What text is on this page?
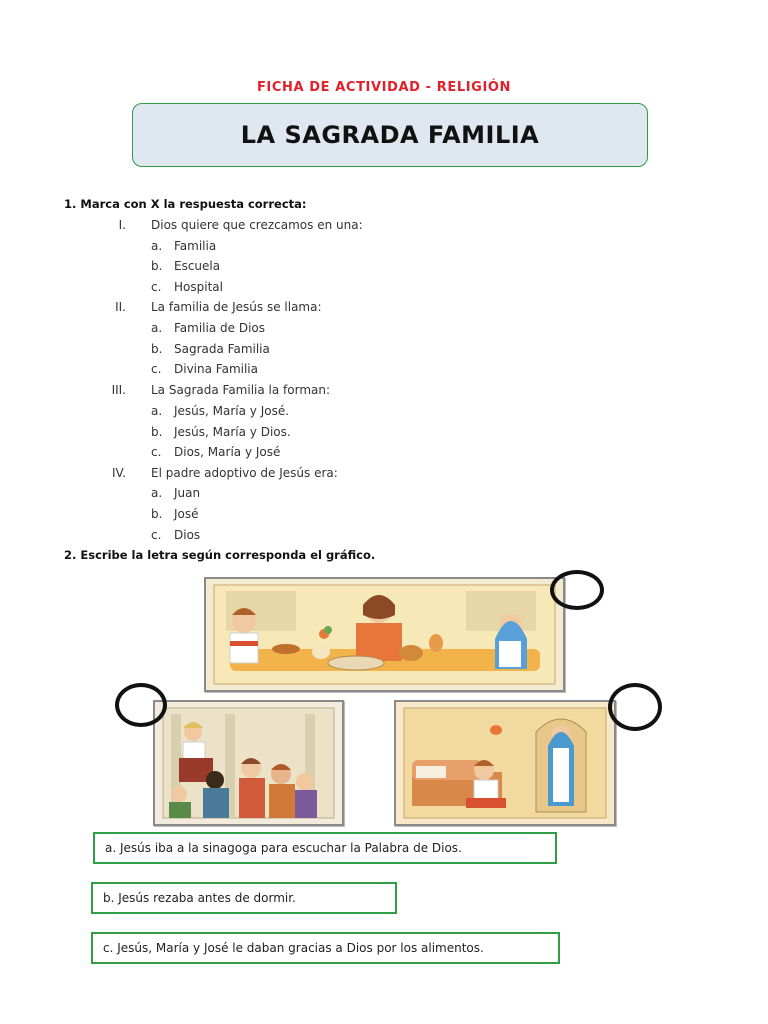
FICHA DE ACTIVIDAD - RELIGIÓN
LA SAGRADA FAMILIA
1. Marca con X la respuesta correcta:
I. Dios quiere que crezcamos en una:
a. Familia
b. Escuela
c. Hospital
II. La familia de Jesús se llama:
a. Familia de Dios
b. Sagrada Familia
c. Divina Familia
III. La Sagrada Familia la forman:
a. Jesús, María y José.
b. Jesús, María y Dios.
c. Dios, María y José
IV. El padre adoptivo de Jesús era:
a. Juan
b. José
c. Dios
2. Escribe la letra según corresponda el gráfico.
a. Jesús iba a la sinagoga para escuchar la Palabra de Dios.
b. Jesús rezaba antes de dormir.
c. Jesús, María y José le daban gracias a Dios por los alimentos.
